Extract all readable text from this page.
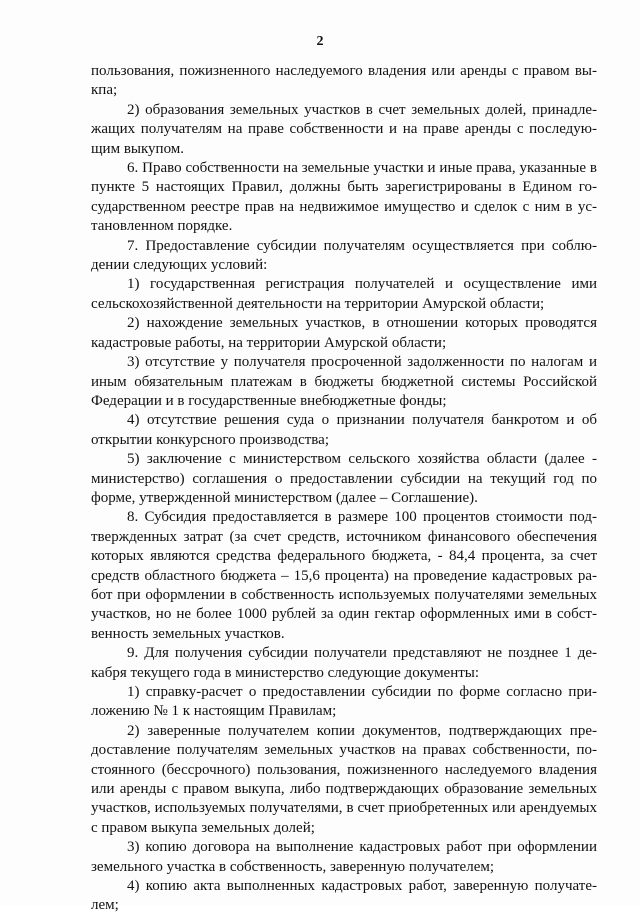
2

пользования, пожизненного наследуемого владения или аренды с правом выкпа;

2) образования земельных участков в счет земельных долей, принадлежащих получателям на праве собственности и на праве аренды с последующим выкупом.

6. Право собственности на земельные участки и иные права, указанные в пункте 5 настоящих Правил, должны быть зарегистрированы в Едином государственном реестре прав на недвижимое имущество и сделок с ним в установленном порядке.

7. Предоставление субсидии получателям осуществляется при соблюдении следующих условий:

1) государственная регистрация получателей и осуществление ими сельскохозяйственной деятельности на территории Амурской области;

2) нахождение земельных участков, в отношении которых проводятся кадастровые работы, на территории Амурской области;

3) отсутствие у получателя просроченной задолженности по налогам и иным обязательным платежам в бюджеты бюджетной системы Российской Федерации и в государственные внебюджетные фонды;

4) отсутствие решения суда о признании получателя банкротом и об открытии конкурсного производства;

5) заключение с министерством сельского хозяйства области (далее - министерство) соглашения о предоставлении субсидии на текущий год по форме, утвержденной министерством (далее – Соглашение).

8. Субсидия предоставляется в размере 100 процентов стоимости подтвержденных затрат (за счет средств, источником финансового обеспечения которых являются средства федерального бюджета, - 84,4 процента, за счет средств областного бюджета – 15,6 процента) на проведение кадастровых работ при оформлении в собственность используемых получателями земельных участков, но не более 1000 рублей за один гектар оформленных ими в собственность земельных участков.

9. Для получения субсидии получатели представляют не позднее 1 декабря текущего года в министерство следующие документы:

1) справку-расчет о предоставлении субсидии по форме согласно приложению № 1 к настоящим Правилам;

2) заверенные получателем копии документов, подтверждающих предоставление получателям земельных участков на правах собственности, постоянного (бессрочного) пользования, пожизненного наследуемого владения или аренды с правом выкупа, либо подтверждающих образование земельных участков, используемых получателями, в счет приобретенных или арендуемых с правом выкупа земельных долей;

3) копию договора на выполнение кадастровых работ при оформлении земельного участка в собственность, заверенную получателем;

4) копию акта выполненных кадастровых работ, заверенную получателем;
